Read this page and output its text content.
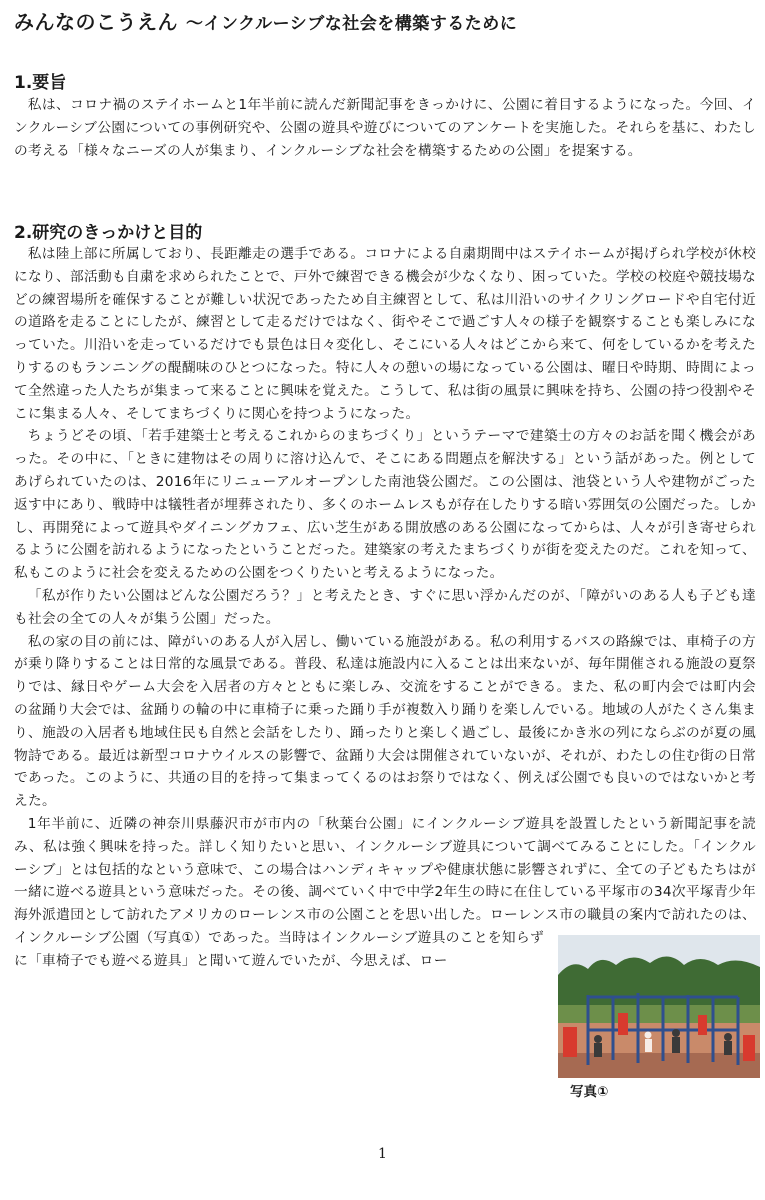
みんなのこうえん ～インクルーシブな社会を構築するために
1.要旨

私は、コロナ禍のステイホームと1年半前に読んだ新聞記事をきっかけに、公園に着目するようになった。今回、インクルーシブ公園についての事例研究や、公園の遊具や遊びについてのアンケートを実施した。それらを基に、わたしの考える「様々なニーズの人が集まり、インクルーシブな社会を構築するための公園」を提案する。

2.研究のきっかけと目的

私は陸上部に所属しており、長距離走の選手である。コロナによる自粛期間中はステイホームが掲げられ学校が休校になり、部活動も自粛を求められたことで、戸外で練習できる機会が少なくなり、困っていた。学校の校庭や競技場などの練習場所を確保することが難しい状況であったため自主練習として、私は川沿いのサイクリングロードや自宅付近の道路を走ることにしたが、練習として走るだけではなく、街やそこで過ごす人々の様子を観察することも楽しみになっていた。川沿いを走っているだけでも景色は日々変化し、そこにいる人々はどこから来て、何をしているかを考えたりするのもランニングの醍醐味のひとつになった。特に人々の憩いの場になっている公園は、曜日や時期、時間によって全然違った人たちが集まって来ることに興味を覚えた。こうして、私は街の風景に興味を持ち、公園の持つ役割やそこに集まる人々、そしてまちづくりに関心を持つようになった。

ちょうどその頃、「若手建築士と考えるこれからのまちづくり」というテーマで建築士の方々のお話を聞く機会があった。その中に、「ときに建物はその周りに溶け込んで、そこにある問題点を解決する」という話があった。例としてあげられていたのは、2016年にリニューアルオープンした南池袋公園だ。この公園は、池袋という人や建物がごった返す中にあり、戦時中は犠牲者が埋葬されたり、多くのホームレスもが存在したりする暗い雰囲気の公園だった。しかし、再開発によって遊具やダイニングカフェ、広い芝生がある開放感のある公園になってからは、人々が引き寄せられるように公園を訪れるようになったということだった。建築家の考えたまちづくりが街を変えたのだ。これを知って、私もこのように社会を変えるための公園をつくりたいと考えるようになった。

「私が作りたい公園はどんな公園だろう？」と考えたとき、すぐに思い浮かんだのが、「障がいのある人も子ども達も社会の全ての人々が集う公園」だった。

私の家の目の前には、障がいのある人が入居し、働いている施設がある。私の利用するバスの路線では、車椅子の方が乗り降りすることは日常的な風景である。普段、私達は施設内に入ることは出来ないが、毎年開催される施設の夏祭りでは、縁日やゲーム大会を入居者の方々とともに楽しみ、交流をすることができる。また、私の町内会では町内会の盆踊り大会では、盆踊りの輪の中に車椅子に乗った踊り手が複数入り踊りを楽しんでいる。地域の人がたくさん集まり、施設の入居者も地域住民も自然と会話をしたり、踊ったりと楽しく過ごし、最後にかき氷の列にならぶのが夏の風物詩である。最近は新型コロナウイルスの影響で、盆踊り大会は開催されていないが、それが、わたしの住む街の日常であった。このように、共通の目的を持って集まってくるのはお祭りではなく、例えば公園でも良いのではないかと考えた。

1年半前に、近隣の神奈川県藤沢市が市内の「秋葉台公園」にインクルーシブ遊具を設置したという新聞記事を読み、私は強く興味を持った。詳しく知りたいと思い、インクルーシブ遊具について調べてみることにした。「インクルーシブ」とは包括的なという意味で、この場合はハンディキャップや健康状態に影響されずに、全ての子どもたちはが一緒に遊べる遊具という意味だった。その後、調べていく中で中学2年生の時に在住している平塚市の34次平塚青少年海外派遣団として訪れたアメリカのローレンス市の公園ことを思い出した。ローレンス市の職員の案内で訪れたのは、インクルーシブ公園（写真①）であった。当時はインクルーシブ遊具のことを知らずに「車椅子でも遊べる遊具」と聞いて遊んでいたが、今思えば、ロー

写真①
1
